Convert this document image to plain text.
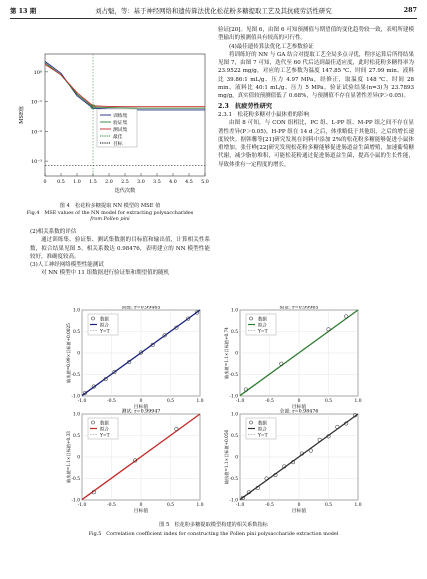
第 13 期	刘占魁，等：基于神经网络和遗传算法优化松花粉多糖提取工艺及其抗疲劳活性研究	287
10⁰
10⁻¹
10⁻²
10⁻³
0 0.5 1.0 1.5 2.0 2.5 3.0 3.5 4.0 4.5 5.0
迭代次数
MSE值	训练集
验证集
测试集
最佳
目标
图 4　松花粉多糖提取 NN 模型的 MSE 值
Fig.4　MSE values of the NN model for extracting polysaccharides
from Pollen pini

(2)相关系数的评估

通过训练集、验证集、测试集数据的目标值和输出值，计算相关性系数，拟合结果见图 5。相关系数达 0.98476，表明建立的 NN 模型性能较好，准确度较高。

(3)人工神经网络模型性能测试

对 NN 模型中 11 组数据进行验证集和期望值的随机

验证[20]。见图 6，由图 6 可知预测值与期望值的变化趋势较一致，表明所建模型输出的预测值具有较高的可行性。

(4)最佳遗传算法优化工艺参数验证

将训练好的 NN 与 GA 结合对提取工艺全局多点寻优，程序运算后所得结果见图 7，由图 7 可知，迭代至 60 代后达到最佳适应度，此时松花粉多糖得率为 23.9522 mg/g，对应的工艺参数为温度 147.85 ℃、时间 27.99 min、液料比 39.86:1 mL/g、压力 4.97 MPa，经修正，取温度 148 ℃、时间 28 min、液料比 40:1 mL/g、压力 5 MPa，验证试验结果(n=3)为 23.7893 mg/g，真实值较预测值低了 0.68%，与预测值不存在显著性差异(P＞0.05)。

2.3　抗疲劳性研究

2.3.1　松花粉多糖对小鼠体重的影响

由图 8 可知，与 CON 组相比，PC 组、L-PP 组、M-PP 组之间不存在显著性差异(P＞0.05)，H-PP 组在 14 d 之后，体重略低于其他组，之后的增长速度较快。据韩馨等[21]研究发现在饲料中添加 2%的松花粉多糖能够促进小鼠体重增加。张任峥[22]研究发现松花粉多糖能够促进肠道益生菌增殖，加速葡萄糖代谢，减少脂肪堆积，可能松花粉通过促进肠道益生菌，提高小鼠的生长性能，导致体重有一定程度的增长。

-1.0
-1.0
-0.5
-0.5
0
0
0.5
0.5
1.0
1.0
训练: r=0.99465
目标值
输出值=0.99×目标值+0.0025
数据
拟合
Y=T
-1.0
-1.0
-0.5
-0.5
0
0
0.5
0.5
1.0
1.0
验证: r=0.99965
目标值
输出值=1.1×目标值+0.74
数据
拟合
Y=T
-1.0
-1.0
-0.5
-0.5
0
0
0.5
0.5
1.0
1.0
测试: r=0.99947
目标值
输出值=1.1×目标值+0.33
数据
拟合
Y=T
-1.0
-1.0
-0.5
-0.5
0
0
0.5
0.5
1.0
1.0
全部: r=0.98476
目标值
输出值=1.1×目标值+0.056
数据
拟合
Y=T
图 5　松花粉多糖提取模型构建的相关系数指标
Fig.5　Correlation coefficient index for constructing the Pollen pini polysaccharide extraction model
